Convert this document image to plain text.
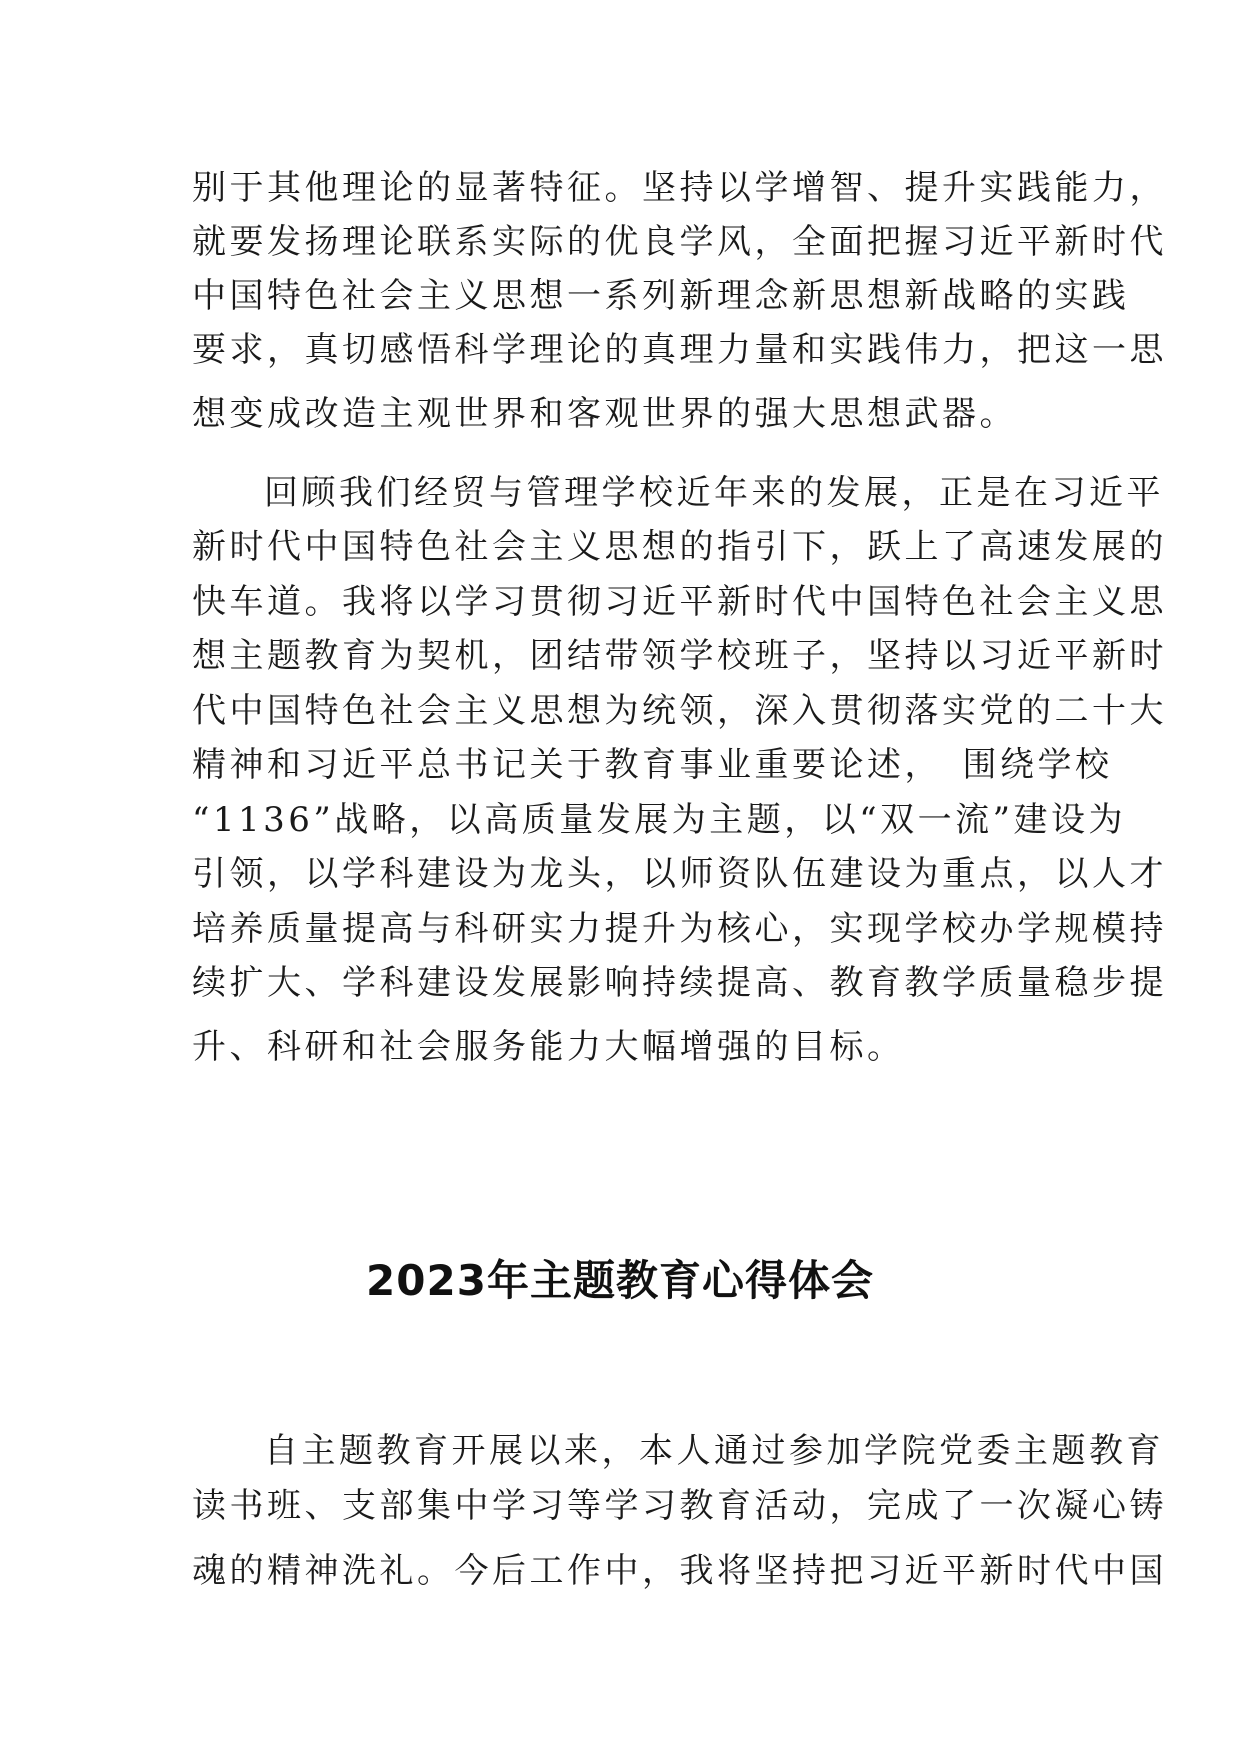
别于其他理论的显著特征。坚持以学增智、提升实践能力，
就要发扬理论联系实际的优良学风，全面把握习近平新时代
中国特色社会主义思想一系列新理念新思想新战略的实践
要求，真切感悟科学理论的真理力量和实践伟力，把这一思
想变成改造主观世界和客观世界的强大思想武器。
回顾我们经贸与管理学校近年来的发展，正是在习近平
新时代中国特色社会主义思想的指引下，跃上了高速发展的
快车道。我将以学习贯彻习近平新时代中国特色社会主义思
想主题教育为契机，团结带领学校班子，坚持以习近平新时
代中国特色社会主义思想为统领，深入贯彻落实党的二十大
精神和习近平总书记关于教育事业重要论述，　围绕学校
“1136”战略，以高质量发展为主题，以“双一流”建设为
引领，以学科建设为龙头，以师资队伍建设为重点，以人才
培养质量提高与科研实力提升为核心，实现学校办学规模持
续扩大、学科建设发展影响持续提高、教育教学质量稳步提
升、科研和社会服务能力大幅增强的目标。
2023年主题教育心得体会
自主题教育开展以来，本人通过参加学院党委主题教育
读书班、支部集中学习等学习教育活动，完成了一次凝心铸
魂的精神洗礼。今后工作中，我将坚持把习近平新时代中国
